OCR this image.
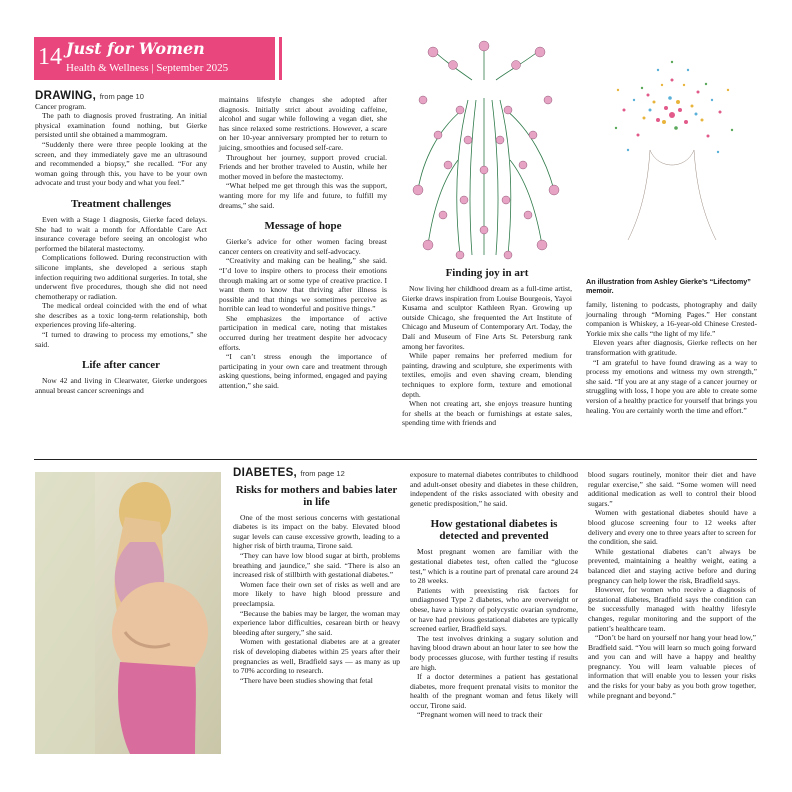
14 Just for Women
Health & Wellness | September 2025
DRAWING, from page 10

Cancer program.

The path to diagnosis proved frustrating. An initial physical examination found nothing, but Gierke persisted until she obtained a mammogram.

“Suddenly there were three people looking at the screen, and they immediately gave me an ultrasound and recommended a biopsy,” she recalled. “For any woman going through this, you have to be your own advocate and trust your body and what you feel.”

Treatment challenges

Even with a Stage 1 diagnosis, Gierke faced delays. She had to wait a month for Affordable Care Act insurance coverage before seeing an oncologist who performed the bilateral mastectomy.

Complications followed. During reconstruction with silicone implants, she developed a serious staph infection requiring two additional surgeries. In total, she underwent five procedures, though she did not need chemotherapy or radiation.

The medical ordeal coincided with the end of what she describes as a toxic long-term relationship, both experiences proving life-altering.

“I turned to drawing to process my emotions,” she said.

Life after cancer

Now 42 and living in Clearwater, Gierke undergoes annual breast cancer screenings and

maintains lifestyle changes she adopted after diagnosis. Initially strict about avoiding caffeine, alcohol and sugar while following a vegan diet, she has since relaxed some restrictions. However, a scare on her 10-year anniversary prompted her to return to juicing, smoothies and focused self-care.

Throughout her journey, support proved crucial. Friends and her brother traveled to Austin, while her mother moved in before the mastectomy.

“What helped me get through this was the support, wanting more for my life and future, to fulfill my dreams,” she said.

Message of hope

Gierke’s advice for other women facing breast cancer centers on creativity and self-advocacy.

“Creativity and making can be healing,” she said. “I’d love to inspire others to process their emotions through making art or some type of creative practice. I want them to know that thriving after illness is possible and that things we sometimes perceive as horrible can lead to wonderful and positive things.”

She emphasizes the importance of active participation in medical care, noting that mistakes occurred during her treatment despite her advocacy efforts.

“I can’t stress enough the importance of participating in your own care and treatment through asking questions, being informed, engaged and paying attention,” she said.

Finding joy in art

Now living her childhood dream as a full-time artist, Gierke draws inspiration from Louise Bourgeois, Yayoi Kusama and sculptor Kathleen Ryan. Growing up outside Chicago, she frequented the Art Institute of Chicago and Museum of Contemporary Art. Today, the Dalí and Museum of Fine Arts St. Petersburg rank among her favorites.

While paper remains her preferred medium for painting, drawing and sculpture, she experiments with textiles, emojis and even shaving cream, blending techniques to explore form, texture and emotional depth.

When not creating art, she enjoys treasure hunting for shells at the beach or furnishings at estate sales, spending time with friends and

An illustration from Ashley Gierke’s “Lifectomy” memoir.

family, listening to podcasts, photography and daily journaling through “Morning Pages.” Her constant companion is Whiskey, a 16-year-old Chinese Crested-Yorkie mix she calls “the light of my life.”

Eleven years after diagnosis, Gierke reflects on her transformation with gratitude.

“I am grateful to have found drawing as a way to process my emotions and witness my own strength,” she said. “If you are at any stage of a cancer journey or struggling with loss, I hope you are able to create some version of a healthy practice for yourself that brings you healing. You are certainly worth the time and effort.”

DIABETES, from page 12

Risks for mothers and babies later in life

One of the most serious concerns with gestational diabetes is its impact on the baby. Elevated blood sugar levels can cause excessive growth, leading to a higher risk of birth trauma, Tirone said.

“They can have low blood sugar at birth, problems breathing and jaundice,” she said. “There is also an increased risk of stillbirth with gestational diabetes.”

Women face their own set of risks as well and are more likely to have high blood pressure and preeclampsia.

“Because the babies may be larger, the woman may experience labor difficulties, cesarean birth or heavy bleeding after surgery,” she said.

Women with gestational diabetes are at a greater risk of developing diabetes within 25 years after their pregnancies as well, Bradfield says — as many as up to 70% according to research.

“There have been studies showing that fetal

exposure to maternal diabetes contributes to childhood and adult-onset obesity and diabetes in these children, independent of the risks associated with obesity and genetic predisposition,” he said.

How gestational diabetes is detected and prevented

Most pregnant women are familiar with the gestational diabetes test, often called the “glucose test,” which is a routine part of prenatal care around 24 to 28 weeks.

Patients with preexisting risk factors for undiagnosed Type 2 diabetes, who are overweight or obese, have a history of polycystic ovarian syndrome, or have had previous gestational diabetes are typically screened earlier, Bradfield says.

The test involves drinking a sugary solution and having blood drawn about an hour later to see how the body processes glucose, with further testing if results are high.

If a doctor determines a patient has gestational diabetes, more frequent prenatal visits to monitor the health of the pregnant woman and fetus likely will occur, Tirone said.

“Pregnant women will need to track their

blood sugars routinely, monitor their diet and have regular exercise,” she said. “Some women will need additional medication as well to control their blood sugars.”

Women with gestational diabetes should have a blood glucose screening four to 12 weeks after delivery and every one to three years after to screen for the condition, she said.

While gestational diabetes can’t always be prevented, maintaining a healthy weight, eating a balanced diet and staying active before and during pregnancy can help lower the risk, Bradfield says.

However, for women who receive a diagnosis of gestational diabetes, Bradfield says the condition can be successfully managed with healthy lifestyle changes, regular monitoring and the support of the patient’s healthcare team.

“Don’t be hard on yourself nor hang your head low,” Bradfield said. “You will learn so much going forward and you can and will have a happy and healthy pregnancy. You will learn valuable pieces of information that will enable you to lessen your risks and the risks for your baby as you both grow together, while pregnant and beyond.”
